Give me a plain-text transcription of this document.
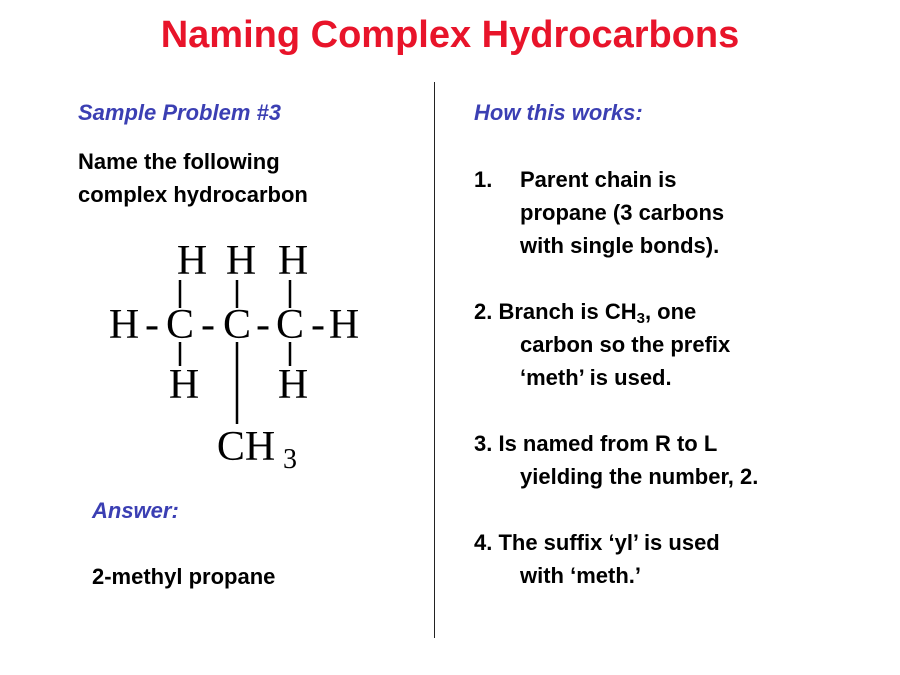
Naming Complex Hydrocarbons
Sample Problem #3
Name the following
complex hydrocarbon
H H H
H - C - C - C - H
H H
CH 3
Answer:
2-methyl propane
How this works:
1. Parent chain is
propane (3 carbons
with single bonds).
2. Branch is $CH_3$, one
carbon so the prefix
‘meth’ is used.
3. Is named from R to L
yielding the number, 2.
4. The suffix ‘yl’ is used
with ‘meth.’
